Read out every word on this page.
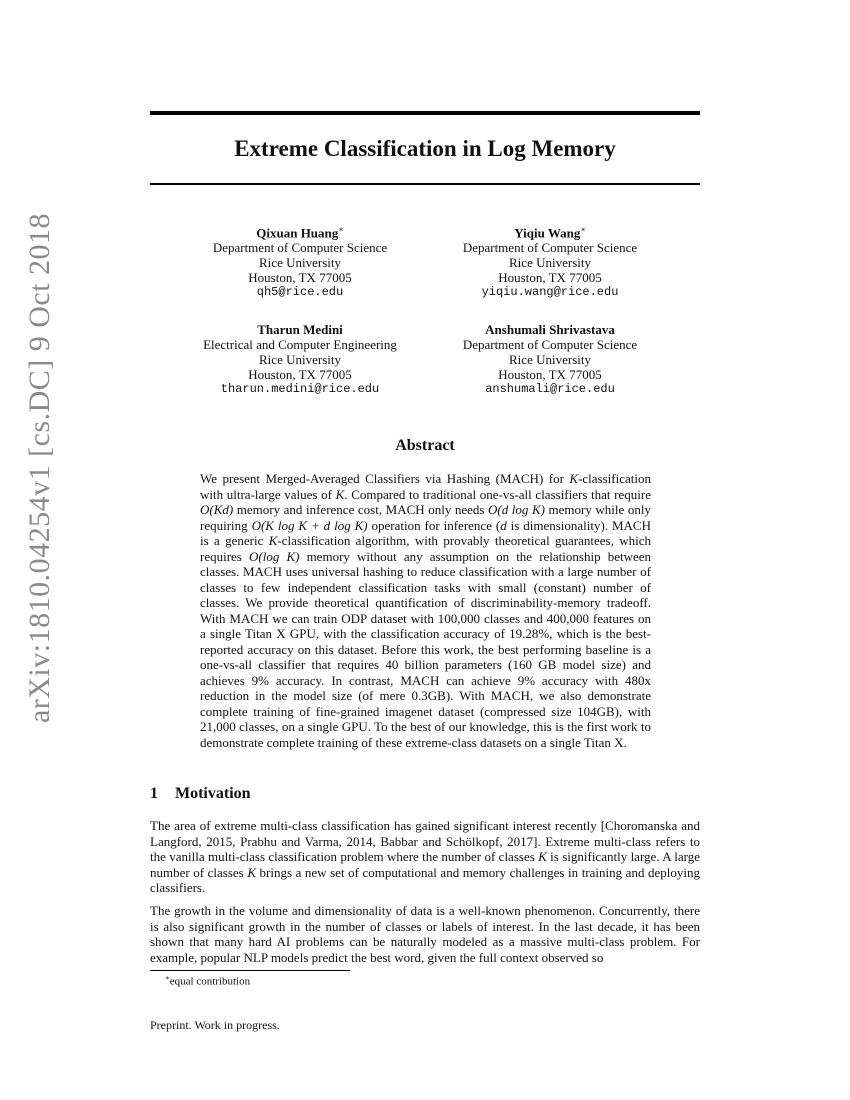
arXiv:1810.04254v1 [cs.DC] 9 Oct 2018
Extreme Classification in Log Memory
Qixuan Huang∗
Department of Computer Science
Rice University
Houston, TX 77005
qh5@rice.edu
Yiqiu Wang∗
Department of Computer Science
Rice University
Houston, TX 77005
yiqiu.wang@rice.edu
Tharun Medini
Electrical and Computer Engineering
Rice University
Houston, TX 77005
tharun.medini@rice.edu
Anshumali Shrivastava
Department of Computer Science
Rice University
Houston, TX 77005
anshumali@rice.edu
Abstract
We present Merged-Averaged Classifiers via Hashing (MACH) for K-classification with ultra-large values of K. Compared to traditional one-vs-all classifiers that require O(Kd) memory and inference cost, MACH only needs O(d log K) memory while only requiring O(K log K + d log K) operation for inference (d is dimensionality). MACH is a generic K-classification algorithm, with provably theoretical guarantees, which requires O(log K) memory without any assumption on the relationship between classes. MACH uses universal hashing to reduce classification with a large number of classes to few independent classification tasks with small (constant) number of classes. We provide theoretical quantification of discriminability-memory tradeoff. With MACH we can train ODP dataset with 100,000 classes and 400,000 features on a single Titan X GPU, with the classification accuracy of 19.28%, which is the best-reported accuracy on this dataset. Before this work, the best performing baseline is a one-vs-all classifier that requires 40 billion parameters (160 GB model size) and achieves 9% accuracy. In contrast, MACH can achieve 9% accuracy with 480x reduction in the model size (of mere 0.3GB). With MACH, we also demonstrate complete training of fine-grained imagenet dataset (compressed size 104GB), with 21,000 classes, on a single GPU. To the best of our knowledge, this is the first work to demonstrate complete training of these extreme-class datasets on a single Titan X.
1 Motivation
The area of extreme multi-class classification has gained significant interest recently [Choromanska and Langford, 2015, Prabhu and Varma, 2014, Babbar and Schölkopf, 2017]. Extreme multi-class refers to the vanilla multi-class classification problem where the number of classes K is significantly large. A large number of classes K brings a new set of computational and memory challenges in training and deploying classifiers.
The growth in the volume and dimensionality of data is a well-known phenomenon. Concurrently, there is also significant growth in the number of classes or labels of interest. In the last decade, it has been shown that many hard AI problems can be naturally modeled as a massive multi-class problem. For example, popular NLP models predict the best word, given the full context observed so
∗equal contribution
Preprint. Work in progress.
